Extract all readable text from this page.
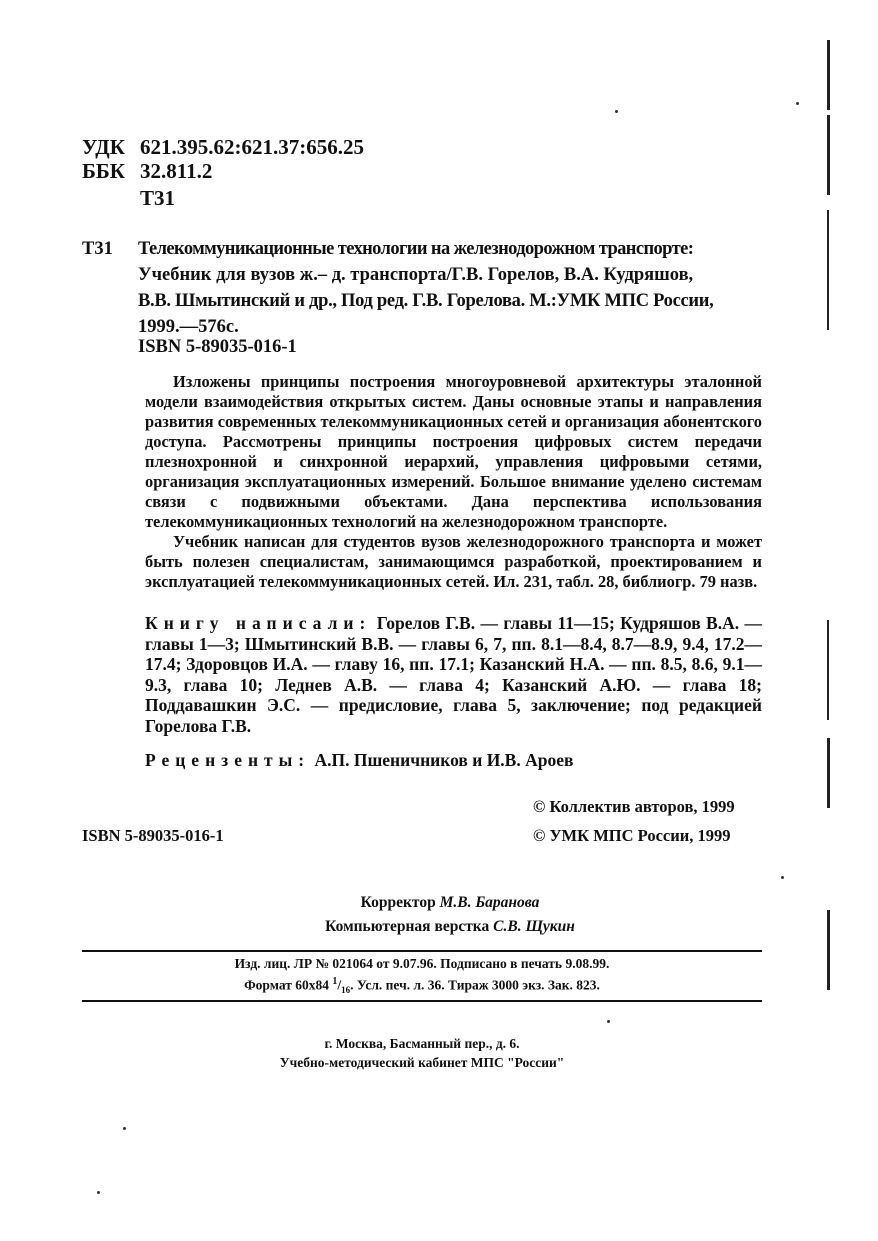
УДК 621.395.62:621.37:656.25
ББК 32.811.2
Т31
Т31 Телекоммуникационные технологии на железнодорожном транспорте:
Учебник для вузов ж.– д. транспорта/Г.В. Горелов, В.А. Кудряшов,
В.В. Шмытинский и др., Под ред. Г.В. Горелова. М.:УМК МПС России,
1999.—576с.
ISBN 5-89035-016-1

Изложены принципы построения многоуровневой архитектуры эталонной модели взаимодействия открытых систем. Даны основные этапы и направления развития современных телекоммуникационных сетей и организация абонентского доступа. Рассмотрены принципы построения цифровых систем передачи плезнохронной и синхронной иерархий, управления цифровыми сетями, организация эксплуатационных измерений. Большое внимание уделено системам связи с подвижными объектами. Дана перспектива использования телекоммуникационных технологий на железнодорожном транспорте.

Учебник написан для студентов вузов железнодорожного транспорта и может быть полезен специалистам, занимающимся разработкой, проектированием и эксплуатацией телекоммуникационных сетей. Ил. 231, табл. 28, библиогр. 79 назв.

Книгу написали: Горелов Г.В. — главы 11—15; Кудряшов В.А. — главы 1—3; Шмытинский В.В. — главы 6, 7, пп. 8.1—8.4, 8.7—8.9, 9.4, 17.2—17.4; Здоровцов И.А. — главу 16, пп. 17.1; Казанский Н.А. — пп. 8.5, 8.6, 9.1—9.3, глава 10; Леднев А.В. — глава 4; Казанский А.Ю. — глава 18; Поддавашкин Э.С. — предисловие, глава 5, заключение; под редакцией Горелова Г.В.
Рецензенты: А.П. Пшеничников и И.В. Ароев
© Коллектив авторов, 1999
ISBN 5-89035-016-1	© УМК МПС России, 1999
Корректор М.В. Баранова
Компьютерная верстка С.В. Щукин
Изд. лиц. ЛР № 021064 от 9.07.96. Подписано в печать 9.08.99.
Формат 60х84 $^1/_{16}$. Усл. печ. л. 36. Тираж 3000 экз. Зак. 823.
г. Москва, Басманный пер., д. 6.
Учебно-методический кабинет МПС "России"
